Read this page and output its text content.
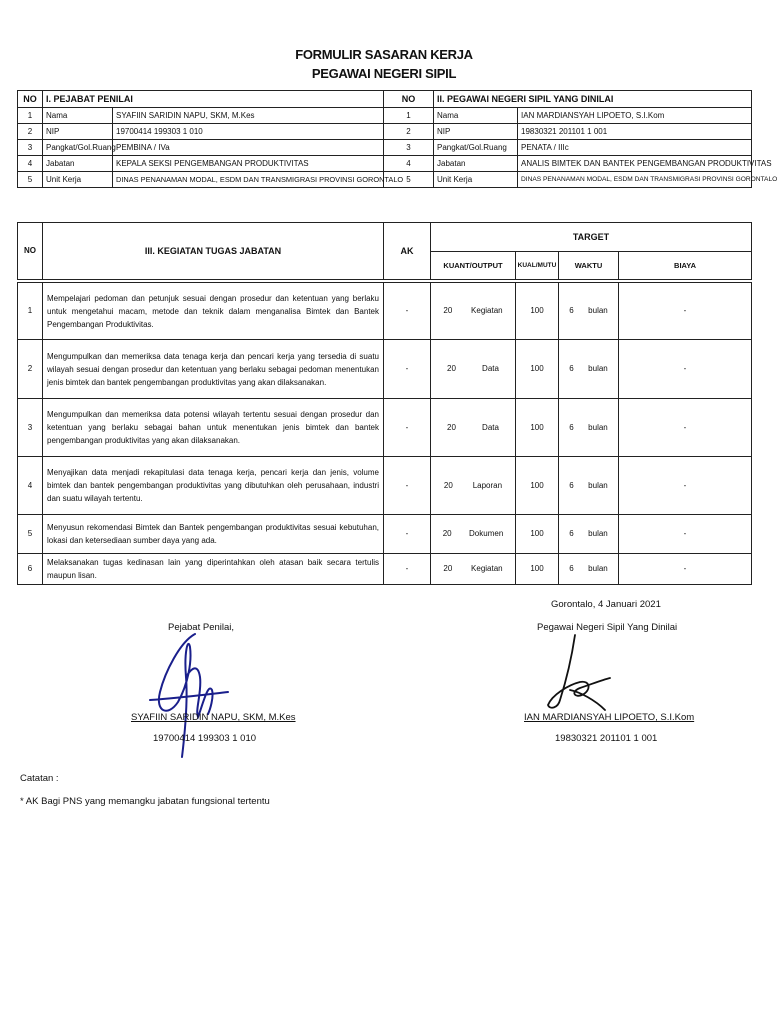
FORMULIR SASARAN KERJA
PEGAWAI NEGERI SIPIL
NO	I. PEJABAT PENILAI		NO	II. PEGAWAI NEGERI SIPIL YANG DINILAI	
1	Nama	SYAFIIN SARIDIN NAPU, SKM, M.Kes	1	Nama	IAN MARDIANSYAH LIPOETO, S.I.Kom
2	NIP	19700414 199303 1 010	2	NIP	19830321 201101 1 001
3	Pangkat/Gol.Ruang	PEMBINA / IVa	3	Pangkat/Gol.Ruang	PENATA / IIIc
4	Jabatan	KEPALA SEKSI PENGEMBANGAN PRODUKTIVITAS	4	Jabatan	ANALIS BIMTEK DAN BANTEK PENGEMBANGAN PRODUKTIVITAS
5	Unit Kerja	DINAS PENANAMAN MODAL, ESDM DAN TRANSMIGRASI PROVINSI GORONTALO	5	Unit Kerja	DINAS PENANAMAN MODAL, ESDM DAN TRANSMIGRASI PROVINSI GORONTALO
NO	III. KEGIATAN TUGAS JABATAN	AK	TARGET			
			KUANT/OUTPUT	KUAL/MUTU	WAKTU	BIAYA

1	Mempelajari pedoman dan petunjuk sesuai dengan prosedur dan ketentuan yang berlaku untuk mengetahui macam, metode dan teknik dalam menganalisa Bimtek dan Bantek Pengembangan Produktivitas.	-	20 Kegiatan	100	6 bulan	-
2	Mengumpulkan dan memeriksa data tenaga kerja dan pencari kerja yang tersedia di suatu wilayah sesuai dengan prosedur dan ketentuan yang berlaku sebagai pedoman menentukan jenis bimtek dan bantek pengembangan produktivitas yang akan dilaksanakan.	-	20 Data	100	6 bulan	-
3	Mengumpulkan dan memeriksa data potensi wilayah tertentu sesuai dengan prosedur dan ketentuan yang berlaku sebagai bahan untuk menentukan jenis bimtek dan bantek pengembangan produktivitas yang akan dilaksanakan.	-	20 Data	100	6 bulan	-
4	Menyajikan data menjadi rekapitulasi data tenaga kerja, pencari kerja dan jenis, volume bimtek dan bantek pengembangan produktivitas yang dibutuhkan oleh perusahaan, industri dan suatu wilayah tertentu.	-	20 Laporan	100	6 bulan	-
5	Menyusun rekomendasi Bimtek dan Bantek pengembangan produktivitas sesuai kebutuhan, lokasi dan ketersediaan sumber daya yang ada.	-	20 Dokumen	100	6 bulan	-
6	Melaksanakan tugas kedinasan lain yang diperintahkan oleh atasan baik secara tertulis maupun lisan.	-	20 Kegiatan	100	6 bulan	-
Gorontalo, 4 Januari 2021
Pejabat Penilai,	Pegawai Negeri Sipil Yang Dinilai
SYAFIIN SARIDIN NAPU, SKM, M.Kes
19700414 199303 1 010
IAN MARDIANSYAH LIPOETO, S.I.Kom
19830321 201101 1 001
Catatan :
* AK Bagi PNS yang memangku jabatan fungsional tertentu
